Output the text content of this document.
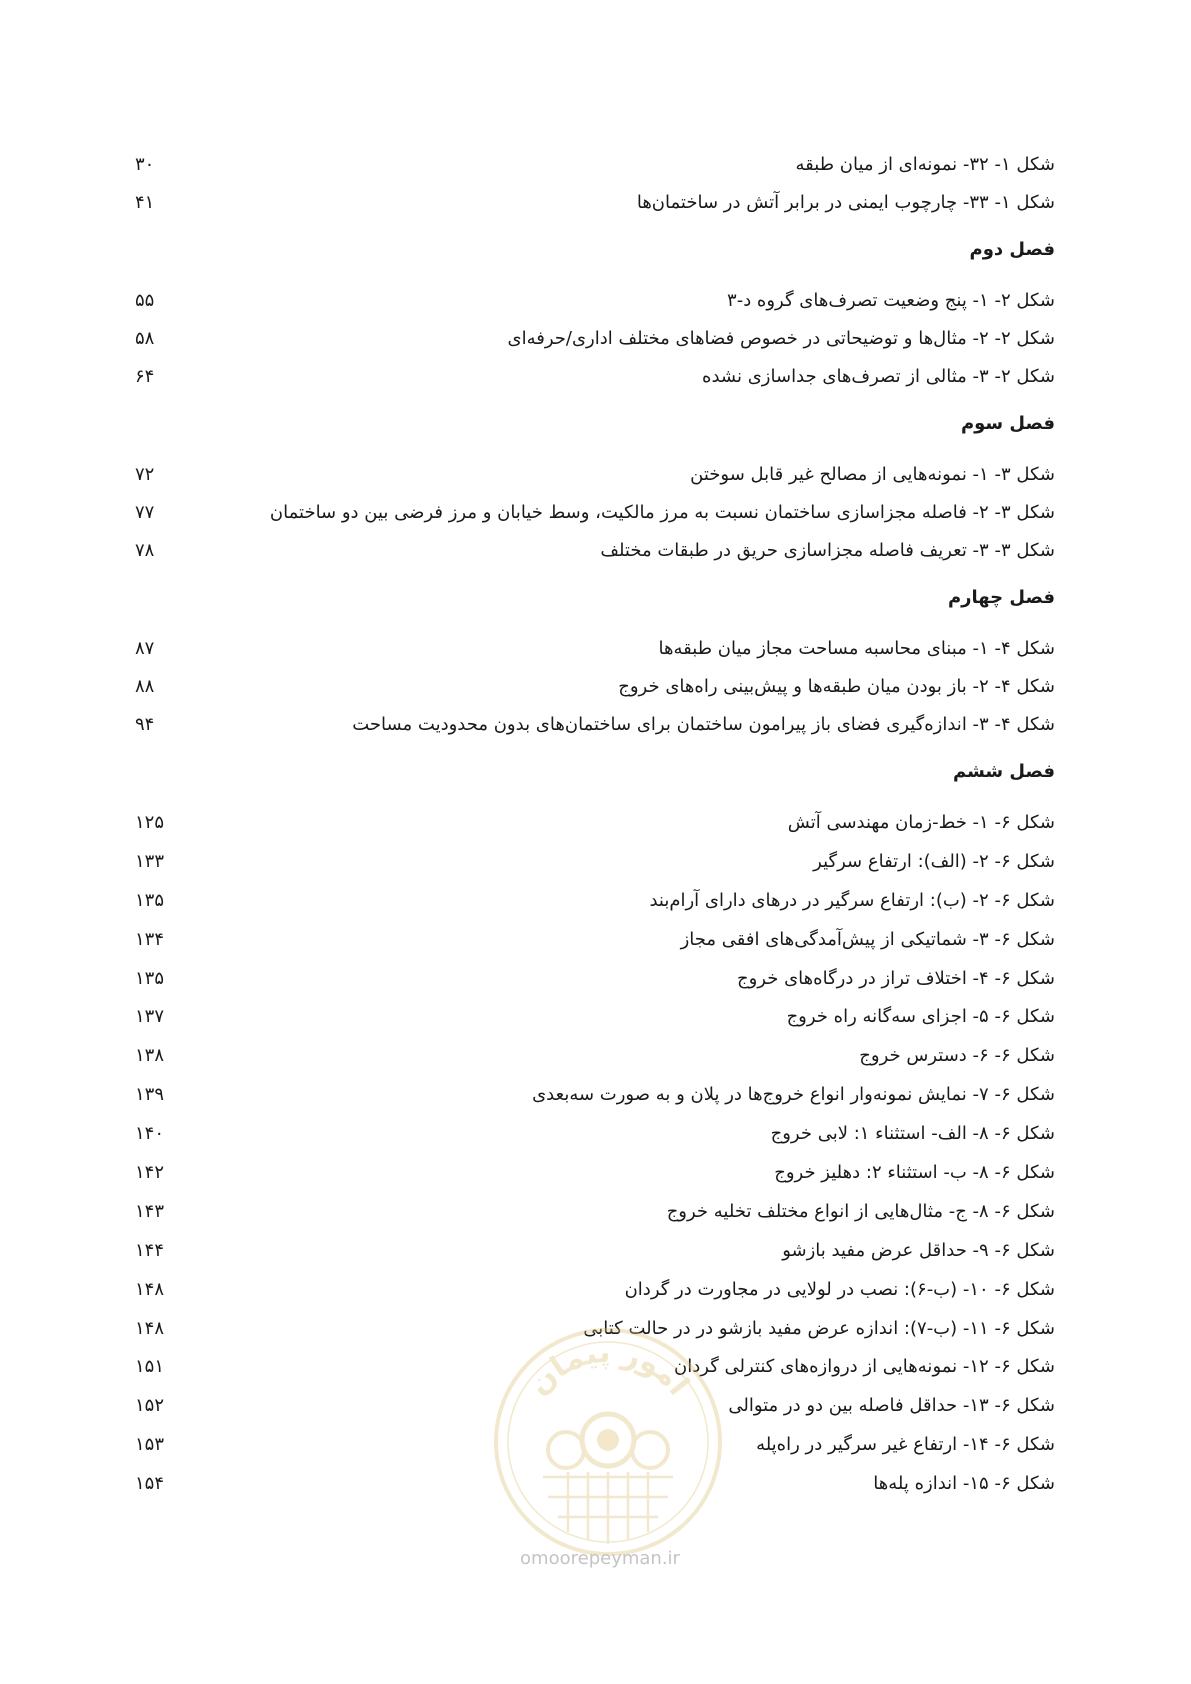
شکل ۱- ۳۲- نمونه‌ای از میان طبقه
۳۰
شکل ۱- ۳۳- چارچوب ایمنی در برابر آتش در ساختمان‌ها
۴۱
فصل دوم
شکل ۲- ۱- پنج وضعیت تصرف‌های گروه د-۳
۵۵
شکل ۲- ۲- مثال‌ها و توضیحاتی در خصوص فضاهای مختلف اداری/حرفه‌ای
۵۸
شکل ۲- ۳- مثالی از تصرف‌های جداسازی نشده
۶۴
فصل سوم
شکل ۳- ۱- نمونه‌هایی از مصالح غیر قابل سوختن
۷۲
شکل ۳- ۲- فاصله مجزاسازی ساختمان نسبت به مرز مالکیت، وسط خیابان و مرز فرضی بین دو ساختمان
۷۷
شکل ۳- ۳- تعریف فاصله مجزاسازی حریق در طبقات مختلف
۷۸
فصل چهارم
شکل ۴- ۱- مبنای محاسبه مساحت مجاز میان طبقه‌ها
۸۷
شکل ۴- ۲- باز بودن میان طبقه‌ها و پیش‌بینی راه‌های خروج
۸۸
شکل ۴- ۳- اندازه‌گیری فضای باز پیرامون ساختمان برای ساختمان‌های بدون محدودیت مساحت
۹۴
فصل ششم
شکل ۶- ۱- خط-زمان مهندسی آتش
۱۲۵
شکل ۶- ۲- (الف): ارتفاع سرگیر
۱۳۳
شکل ۶- ۲- (ب): ارتفاع سرگیر در درهای دارای آرام‌بند
۱۳۵
شکل ۶- ۳- شماتیکی از پیش‌آمدگی‌های افقی مجاز
۱۳۴
شکل ۶- ۴- اختلاف تراز در درگاه‌های خروج
۱۳۵
شکل ۶- ۵- اجزای سه‌گانه راه خروج
۱۳۷
شکل ۶- ۶- دسترس خروج
۱۳۸
شکل ۶- ۷- نمایش نمونه‌وار انواع خروج‌ها در پلان و به صورت سه‌بعدی
۱۳۹
شکل ۶- ۸- الف- استثناء ۱: لابی خروج
۱۴۰
شکل ۶- ۸- ب- استثناء ۲: دهلیز خروج
۱۴۲
شکل ۶- ۸- ج- مثال‌هایی از انواع مختلف تخلیه خروج
۱۴۳
شکل ۶- ۹- حداقل عرض مفید بازشو
۱۴۴
شکل ۶- ۱۰- (ب-۶): نصب در لولایی در مجاورت در گردان
۱۴۸
شکل ۶- ۱۱- (ب-۷): اندازه عرض مفید بازشو در در حالت کتابی
۱۴۸
شکل ۶- ۱۲- نمونه‌هایی از دروازه‌های کنترلی گردان
۱۵۱
شکل ۶- ۱۳- حداقل فاصله بین دو در متوالی
۱۵۲
شکل ۶- ۱۴- ارتفاع غیر سرگیر در راه‌پله
۱۵۳
شکل ۶- ۱۵- اندازه پله‌ها
۱۵۴
امور پیمان
omoorepeyman.ir
